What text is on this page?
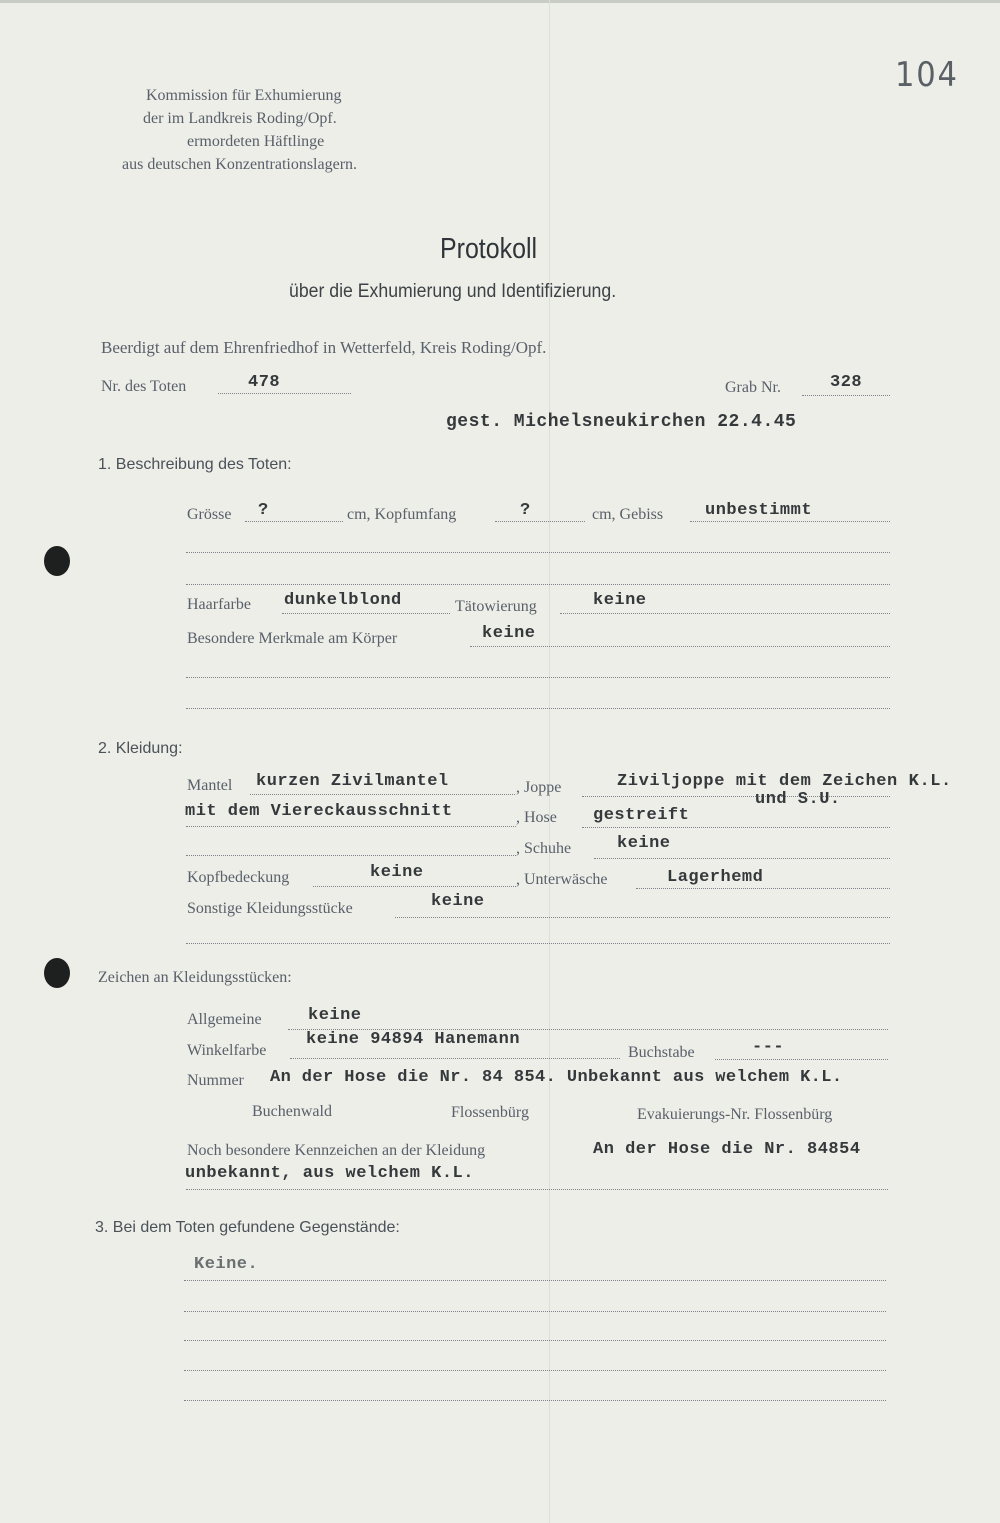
104
Kommission für Exhumierung
der im Landkreis Roding/Opf.
ermordeten Häftlinge
aus deutschen Konzentrationslagern.
Protokoll
über die Exhumierung und Identifizierung.
Beerdigt auf dem Ehrenfriedhof in Wetterfeld, Kreis Roding/Opf.
Nr. des Toten	478	Grab Nr.	328
gest. Michelsneukirchen 22.4.45
1. Beschreibung des Toten:
Grösse ?	cm, Kopfumfang	?	cm, Gebiss unbestimmt
Haarfarbe dunkelblond	Tätowierung	keine
Besondere Merkmale am Körper	keine
2. Kleidung:
Mantel kurzen Zivilmantel	, Joppe	Ziviljoppe mit dem Zeichen K.L.
und S.U.
mit dem Viereckausschnitt	, Hose gestreift
, Schuhe	keine
Kopfbedeckung	keine	, Unterwäsche	Lagerhemd
Sonstige Kleidungsstücke	keine
Zeichen an Kleidungsstücken:
Allgemeine	keine
Winkelfarbe
keine 94894 Hanemann
Buchstabe	---
Nummer An der Hose die Nr. 84 854. Unbekannt aus welchem K.L.
Buchenwald	Flossenbürg	Evakuierungs-Nr. Flossenbürg
Noch besondere Kennzeichen an der Kleidung	An der Hose die Nr. 84854
unbekannt, aus welchem K.L.
3. Bei dem Toten gefundene Gegenstände:
Keine.
